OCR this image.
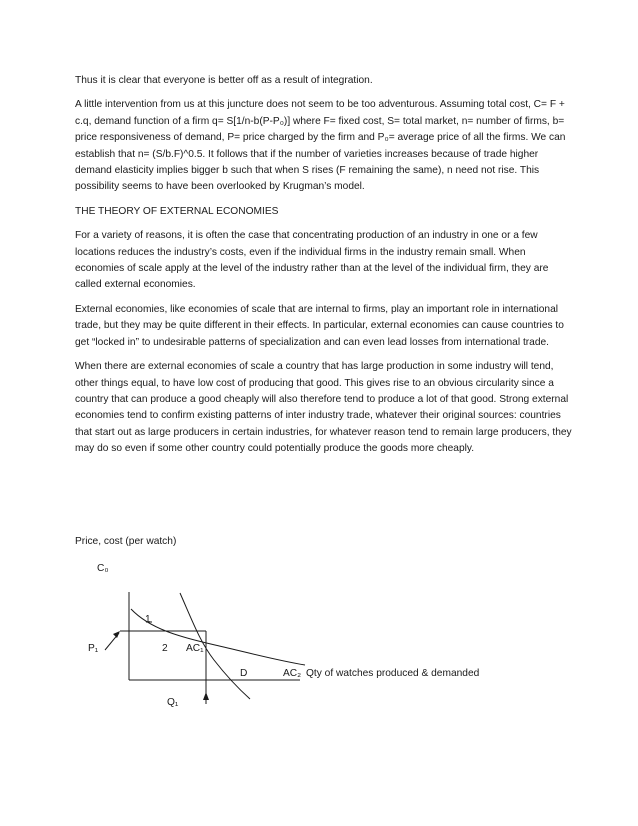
Thus it is clear that everyone is better off as a result of integration.

A little intervention from us at this juncture does not seem to be too adventurous. Assuming total cost, C= F + c.q, demand function of a firm q= S[1/n-b(P-P₀)] where F= fixed cost, S= total market, n= number of firms, b= price responsiveness of demand, P= price charged by the firm and P₀= average price of all the firms. We can establish that n= (S/b.F)^0.5. It follows that if the number of varieties increases because of trade higher demand elasticity implies bigger b such that when S rises (F remaining the same), n need not rise. This possibility seems to have been overlooked by Krugman’s model.

THE THEORY OF EXTERNAL ECONOMIES

For a variety of reasons, it is often the case that concentrating production of an industry in one or a few locations reduces the industry’s costs, even if the individual firms in the industry remain small. When economies of scale apply at the level of the industry rather than at the level of the individual firm, they are called external economies.

External economies, like economies of scale that are internal to firms, play an important role in international trade, but they may be quite different in their effects. In particular, external economies can cause countries to get “locked in” to undesirable patterns of specialization and can even lead losses from international trade.

When there are external economies of scale a country that has large production in some industry will tend, other things equal, to have low cost of producing that good. This gives rise to an obvious circularity since a country that can produce a good cheaply will also therefore tend to produce a lot of that good. Strong external economies tend to confirm existing patterns of inter industry trade, whatever their original sources: countries that start out as large producers in certain industries, for whatever reason tend to remain large producers, they may do so even if some other country could potentially produce the goods more cheaply.

Price, cost (per watch)
C₀
1
P₁	2 AC₁
D	AC₂ Qty of watches produced & demanded
Q₁
